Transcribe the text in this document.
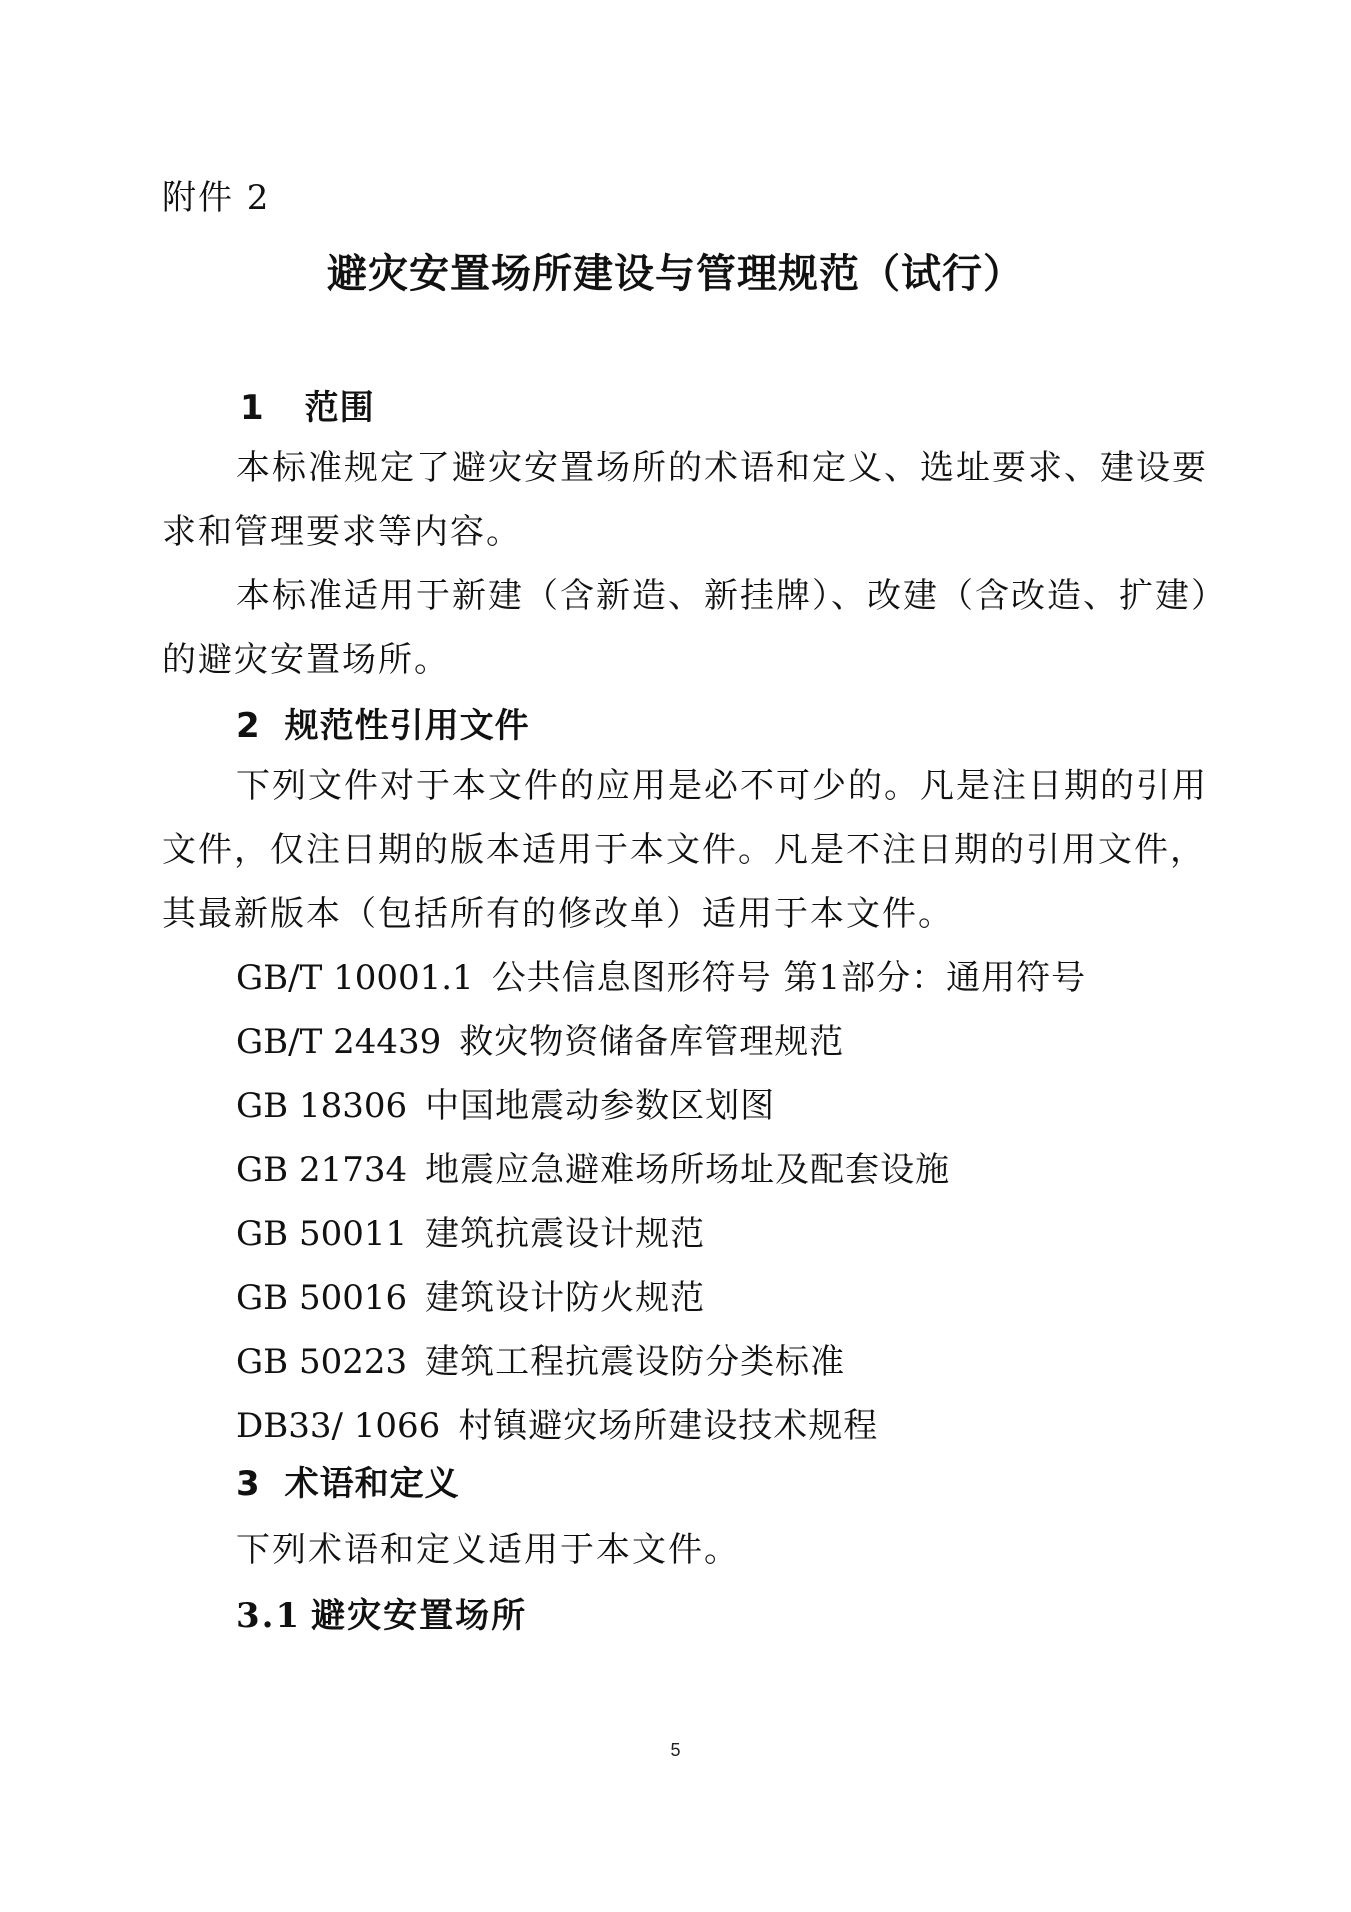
附件 2
避灾安置场所建设与管理规范（试行）
1 范围
本标准规定了避灾安置场所的术语和定义、选址要求、建设要
求和管理要求等内容。
本标准适用于新建（含新造、新挂牌）、改建（含改造、扩建）
的避灾安置场所。
2 规范性引用文件
下列文件对于本文件的应用是必不可少的。凡是注日期的引用
文件，仅注日期的版本适用于本文件。凡是不注日期的引用文件，
其最新版本（包括所有的修改单）适用于本文件。
GB/T 10001.1 公共信息图形符号 第1部分：通用符号
GB/T 24439 救灾物资储备库管理规范
GB 18306 中国地震动参数区划图
GB 21734 地震应急避难场所场址及配套设施
GB 50011 建筑抗震设计规范
GB 50016 建筑设计防火规范
GB 50223 建筑工程抗震设防分类标准
DB33/ 1066 村镇避灾场所建设技术规程
3 术语和定义
下列术语和定义适用于本文件。
3.1 避灾安置场所
5
